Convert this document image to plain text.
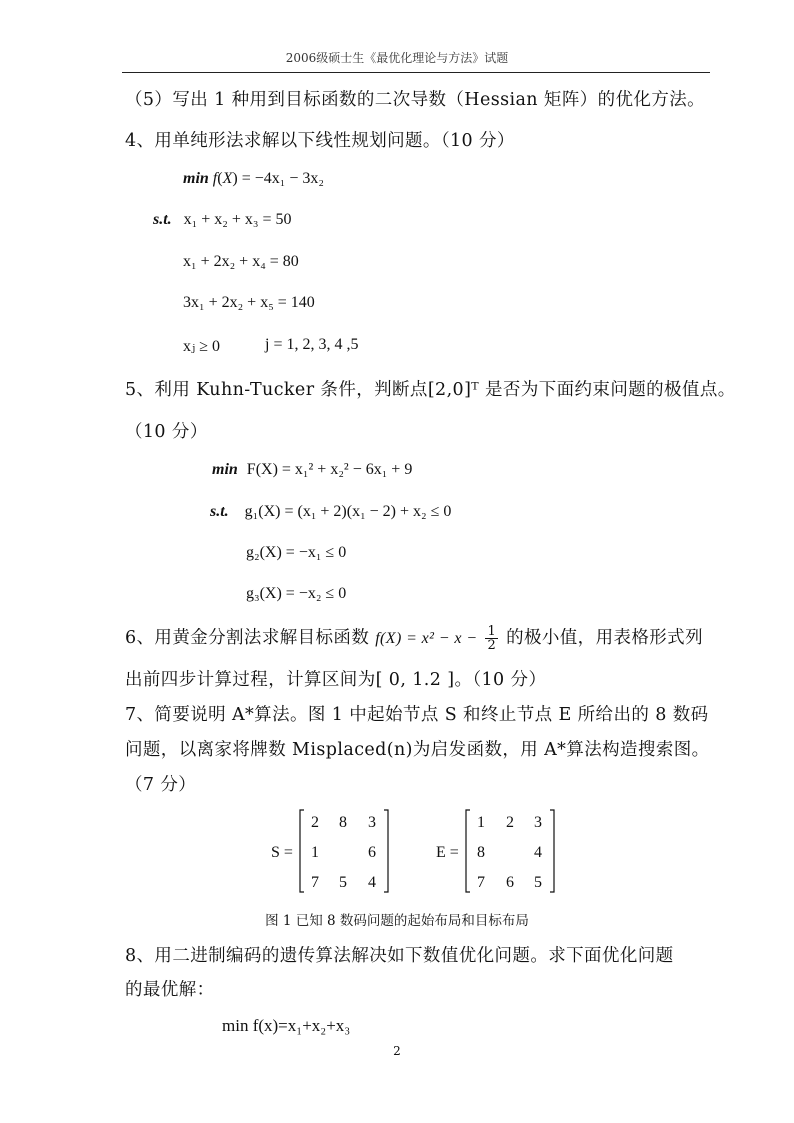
2006级硕士生《最优化理论与方法》试题
（5）写出 1 种用到目标函数的二次导数（Hessian 矩阵）的优化方法。
4、用单纯形法求解以下线性规划问题。（10 分）
min f(X) = −4x₁ − 3x₂
s.t. x₁ + x₂ + x₃ = 50
x₁ + 2x₂ + x₄ = 80
3x₁ + 2x₂ + x₅ = 140
xⱼ ≥ 0	j = 1, 2, 3, 4 ,5
5、利用 Kuhn-Tucker 条件，判断点[2,0]ᵀ 是否为下面约束问题的极值点。
（10 分）
min F(X) = x₁² + x₂² − 6x₁ + 9
s.t. g₁(X) = (x₁ + 2)(x₁ − 2) + x₂ ≤ 0
g₂(X) = −x₁ ≤ 0
g₃(X) = −x₂ ≤ 0
6、用黄金分割法求解目标函数 $f(X) = x^2 - x - \frac{1}{2}$ 的极小值，用表格形式列
出前四步计算过程，计算区间为[ 0, 1.2 ]。（10 分）
7、简要说明 A*算法。图 1 中起始节点 S 和终止节点 E 所给出的 8 数码
问题，以离家将牌数 Misplaced(n)为启发函数，用 A*算法构造搜索图。
（7 分）
S =
2 8 3
1	6
7 5 4
E =
1 2 3
8	4
7 6 5
图 1 已知 8 数码问题的起始布局和目标布局
8、用二进制编码的遗传算法解决如下数值优化问题。求下面优化问题
的最优解：
min f(x)=x₁+x₂+x₃
2
